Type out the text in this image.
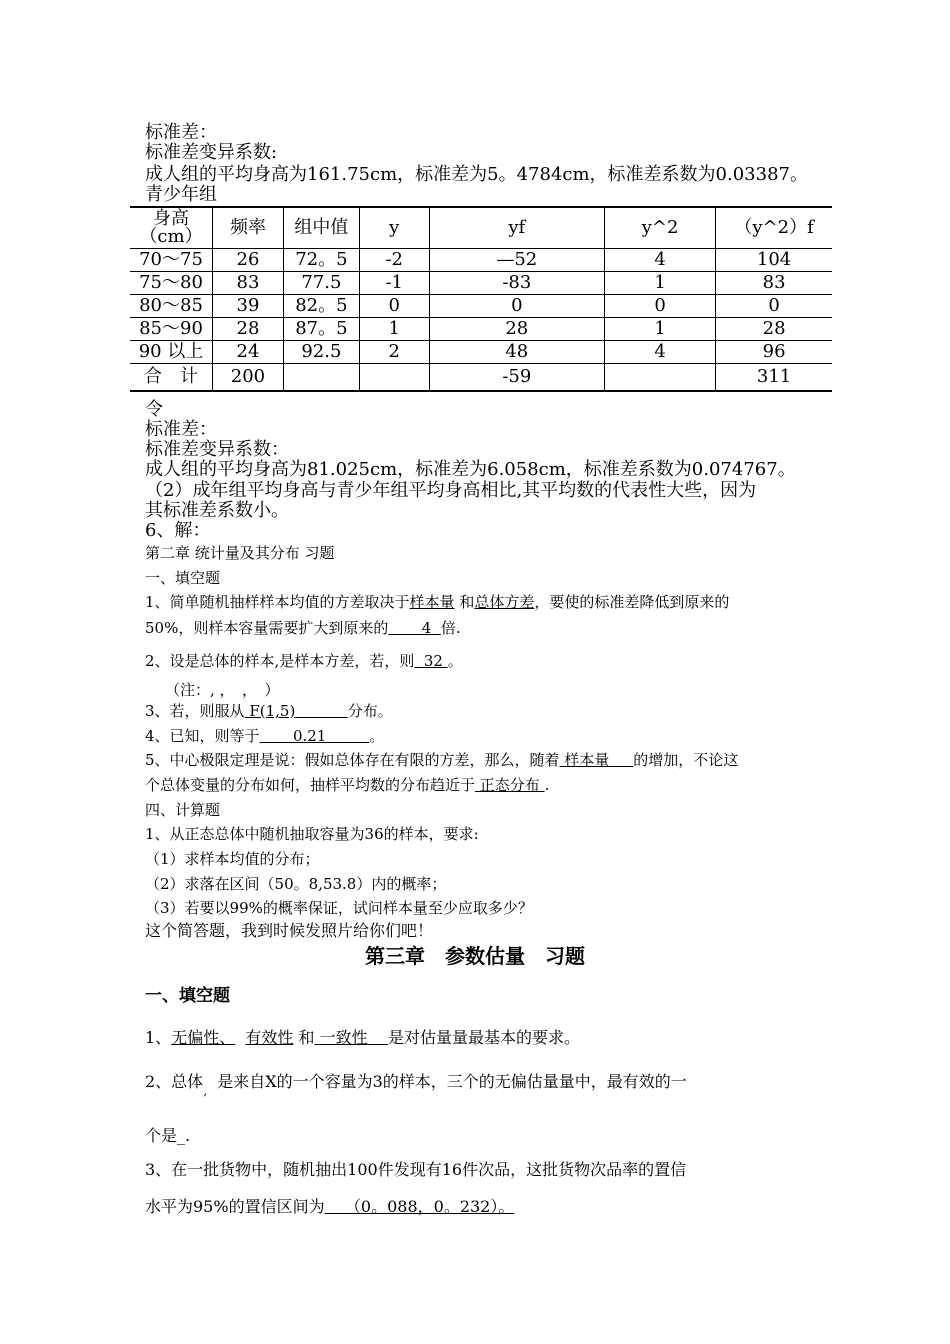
标准差：
标准差变异系数:
成人组的平均身高为161.75cm，标准差为5。4784cm，标准差系数为0.03387。
青少年组
身高（cm）	频率	组中值	y	yf	y^2	（y^2）f
70～75	26	72。5	-2	—52	4	104
75～80	83	77.5	-1	-83	1	83
80～85	39	82。5	0	0	0	0
85～90	28	87。5	1	28	1	28
90 以上	24	92.5	2	48	4	96
合　计	200			-59		311
令
标准差：
标准差变异系数：
成人组的平均身高为81.025cm，标准差为6.058cm，标准差系数为0.074767。
（2）成年组平均身高与青少年组平均身高相比,其平均数的代表性大些，因为
其标准差系数小。
6、解：
第二章 统计量及其分布 习题
一、填空题
1、简单随机抽样样本均值的方差取决于样本量 和总体方差，要使的标准差降低到原来的
50%，则样本容量需要扩大到原来的 4 倍.
2、设是总体的样本,是样本方差，若，则 32 。
（注：, ，　，　）
3、若，则服从 F(1,5)	分布。
4、已知，则等于 0.21	。
5、中心极限定理是说：假如总体存在有限的方差，那么，随着 样本量 的增加，不论这
个总体变量的分布如何，抽样平均数的分布趋近于 正态分布 .
四、计算题
1、从正态总体中随机抽取容量为36的样本，要求:
（1）求样本均值的分布；
（2）求落在区间（50。8,53.8）内的概率；
（3）若要以99%的概率保证，试问样本量至少应取多少？
这个简答题，我到时候发照片给你们吧！
第三章　参数估量　习题
一、填空题
1、无偏性、 有效性 和 一致性 是对估量量最基本的要求。
2、总体$_,$ 是来自X的一个容量为3的样本，三个的无偏估量量中，最有效的一
个是_.
3、在一批货物中，随机抽出100件发现有16件次品，这批货物次品率的置信
水平为95%的置信区间为 （0。088，0。232）。
